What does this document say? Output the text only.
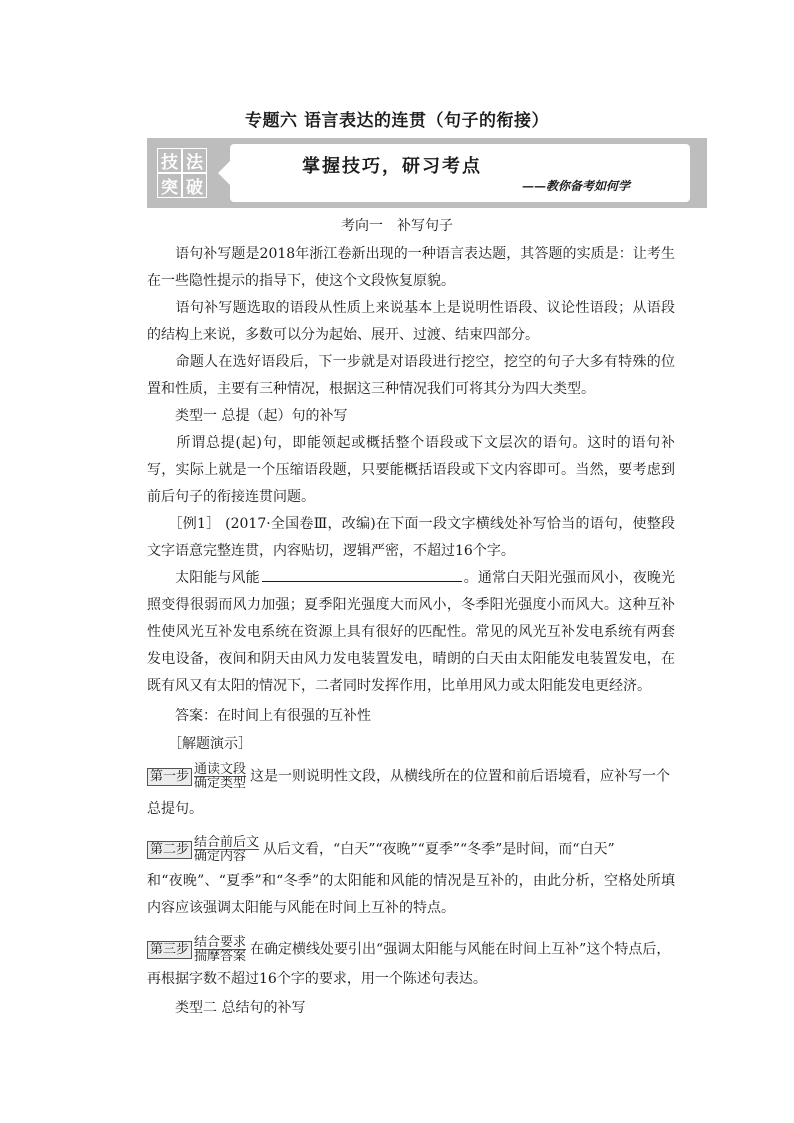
专题六 语言表达的连贯（句子的衔接）
技 法
突 破
掌握技巧，研习考点
——教你备考如何学
考向一　补写句子
　　语句补写题是2018年浙江卷新出现的一种语言表达题，其答题的实质是：让考生在一些隐性提示的指导下，使这个文段恢复原貌。
　　语句补写题选取的语段从性质上来说基本上是说明性语段、议论性语段；从语段的结构上来说，多数可以分为起始、展开、过渡、结束四部分。
　　命题人在选好语段后，下一步就是对语段进行挖空，挖空的句子大多有特殊的位置和性质，主要有三种情况，根据这三种情况我们可将其分为四大类型。
　　类型一 总提（起）句的补写
　　所谓总提(起)句，即能领起或概括整个语段或下文层次的语句。这时的语句补写，实际上就是一个压缩语段题，只要能概括语段或下文内容即可。当然，要考虑到前后句子的衔接连贯问题。
　　［例1］ (2017·全国卷Ⅲ，改编)在下面一段文字横线处补写恰当的语句，使整段文字语意完整连贯，内容贴切，逻辑严密，不超过16个字。
　　太阳能与风能	。通常白天阳光强而风小，夜晚光照变得很弱而风力加强；夏季阳光强度大而风小，冬季阳光强度小而风大。这种互补性使风光互补发电系统在资源上具有很好的匹配性。常见的风光互补发电系统有两套发电设备，夜间和阴天由风力发电装置发电，晴朗的白天由太阳能发电装置发电，在既有风又有太阳的情况下，二者同时发挥作用，比单用风力或太阳能发电更经济。
　　答案：在时间上有很强的互补性
　　［解题演示］
第一步 通读文段
确定类型 这是一则说明性文段，从横线所在的位置和前后语境看，应补写一个
总提句。
第二步 结合前后文
确定内容	从后文看，“白天”“夜晚”“夏季”“冬季”是时间，而“白天”
和“夜晚”、“夏季”和“冬季”的太阳能和风能的情况是互补的，由此分析，空格处所填内容应该强调太阳能与风能在时间上互补的特点。
第三步 结合要求
揣摩答案 在确定横线处要引出“强调太阳能与风能在时间上互补”这个特点后，
再根据字数不超过16个字的要求，用一个陈述句表达。
　　类型二 总结句的补写
